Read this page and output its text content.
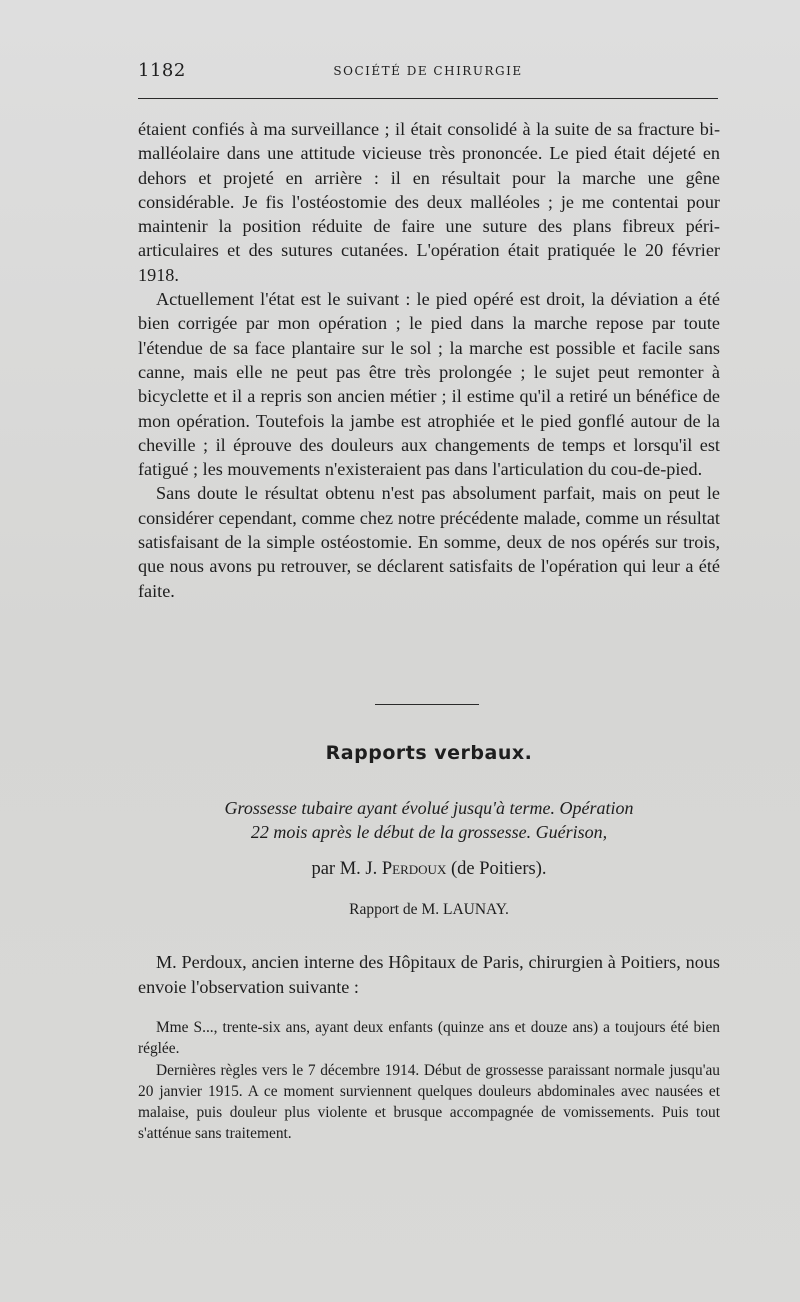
1182	SOCIÉTÉ DE CHIRURGIE

étaient confiés à ma surveillance ; il était consolidé à la suite de sa fracture bi-malléolaire dans une attitude vicieuse très prononcée. Le pied était déjeté en dehors et projeté en arrière : il en résultait pour la marche une gêne considérable. Je fis l'ostéostomie des deux malléoles ; je me contentai pour maintenir la position réduite de faire une suture des plans fibreux péri-articulaires et des sutures cutanées. L'opération était pratiquée le 20 février 1918.

Actuellement l'état est le suivant : le pied opéré est droit, la déviation a été bien corrigée par mon opération ; le pied dans la marche repose par toute l'étendue de sa face plantaire sur le sol ; la marche est possible et facile sans canne, mais elle ne peut pas être très prolongée ; le sujet peut remonter à bicyclette et il a repris son ancien métier ; il estime qu'il a retiré un bénéfice de mon opération. Toutefois la jambe est atrophiée et le pied gonflé autour de la cheville ; il éprouve des douleurs aux changements de temps et lorsqu'il est fatigué ; les mouvements n'existeraient pas dans l'articulation du cou-de-pied.

Sans doute le résultat obtenu n'est pas absolument parfait, mais on peut le considérer cependant, comme chez notre précédente malade, comme un résultat satisfaisant de la simple ostéostomie. En somme, deux de nos opérés sur trois, que nous avons pu retrouver, se déclarent satisfaits de l'opération qui leur a été faite.

Rapports verbaux.
Grossesse tubaire ayant évolué jusqu'à terme. Opération
22 mois après le début de la grossesse. Guérison,
par M. J. Perdoux (de Poitiers).
Rapport de M. LAUNAY.

M. Perdoux, ancien interne des Hôpitaux de Paris, chirurgien à Poitiers, nous envoie l'observation suivante :

Mme S..., trente-six ans, ayant deux enfants (quinze ans et douze ans) a toujours été bien réglée.

Dernières règles vers le 7 décembre 1914. Début de grossesse paraissant normale jusqu'au 20 janvier 1915. A ce moment surviennent quelques douleurs abdominales avec nausées et malaise, puis douleur plus violente et brusque accompagnée de vomissements. Puis tout s'atténue sans traitement.
